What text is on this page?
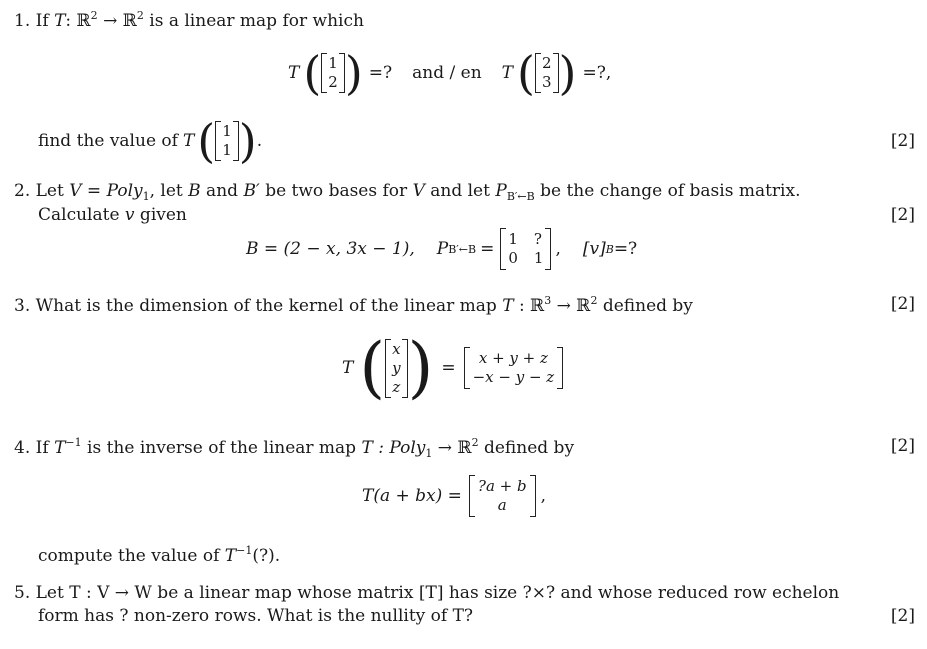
1. If T: ℝ$^2$ → ℝ$^2$ is a linear map for which
T ( 1
2 ) =? and / en T ( 2
3 ) =?,
find the value of T ( 1
1 ) .	[2]
2. Let V = Poly$_1$, let B and B′ be two bases for V and let $P_{B'\leftarrow B}$ be the change of basis matrix.
Calculate v given	[2]
B = (2 − x, 3x − 1), P B′←B = 1 ?
0 1 , [v] B =?
3. What is the dimension of the kernel of the linear map T : ℝ$^3$ → ℝ$^2$ defined by	[2]
T ( x
y
z ) =	x + y + z
−x − y − z
4. If $T^{-1}$ is the inverse of the linear map T : Poly$_1$ → ℝ$^2$ defined by	[2]
T(a + bx) = ?a + b
a	,
compute the value of $T^{-1}(?)$.
5. Let T : V → W be a linear map whose matrix [T] has size ?×? and whose reduced row echelon
form has ? non-zero rows. What is the nullity of T?	[2]
